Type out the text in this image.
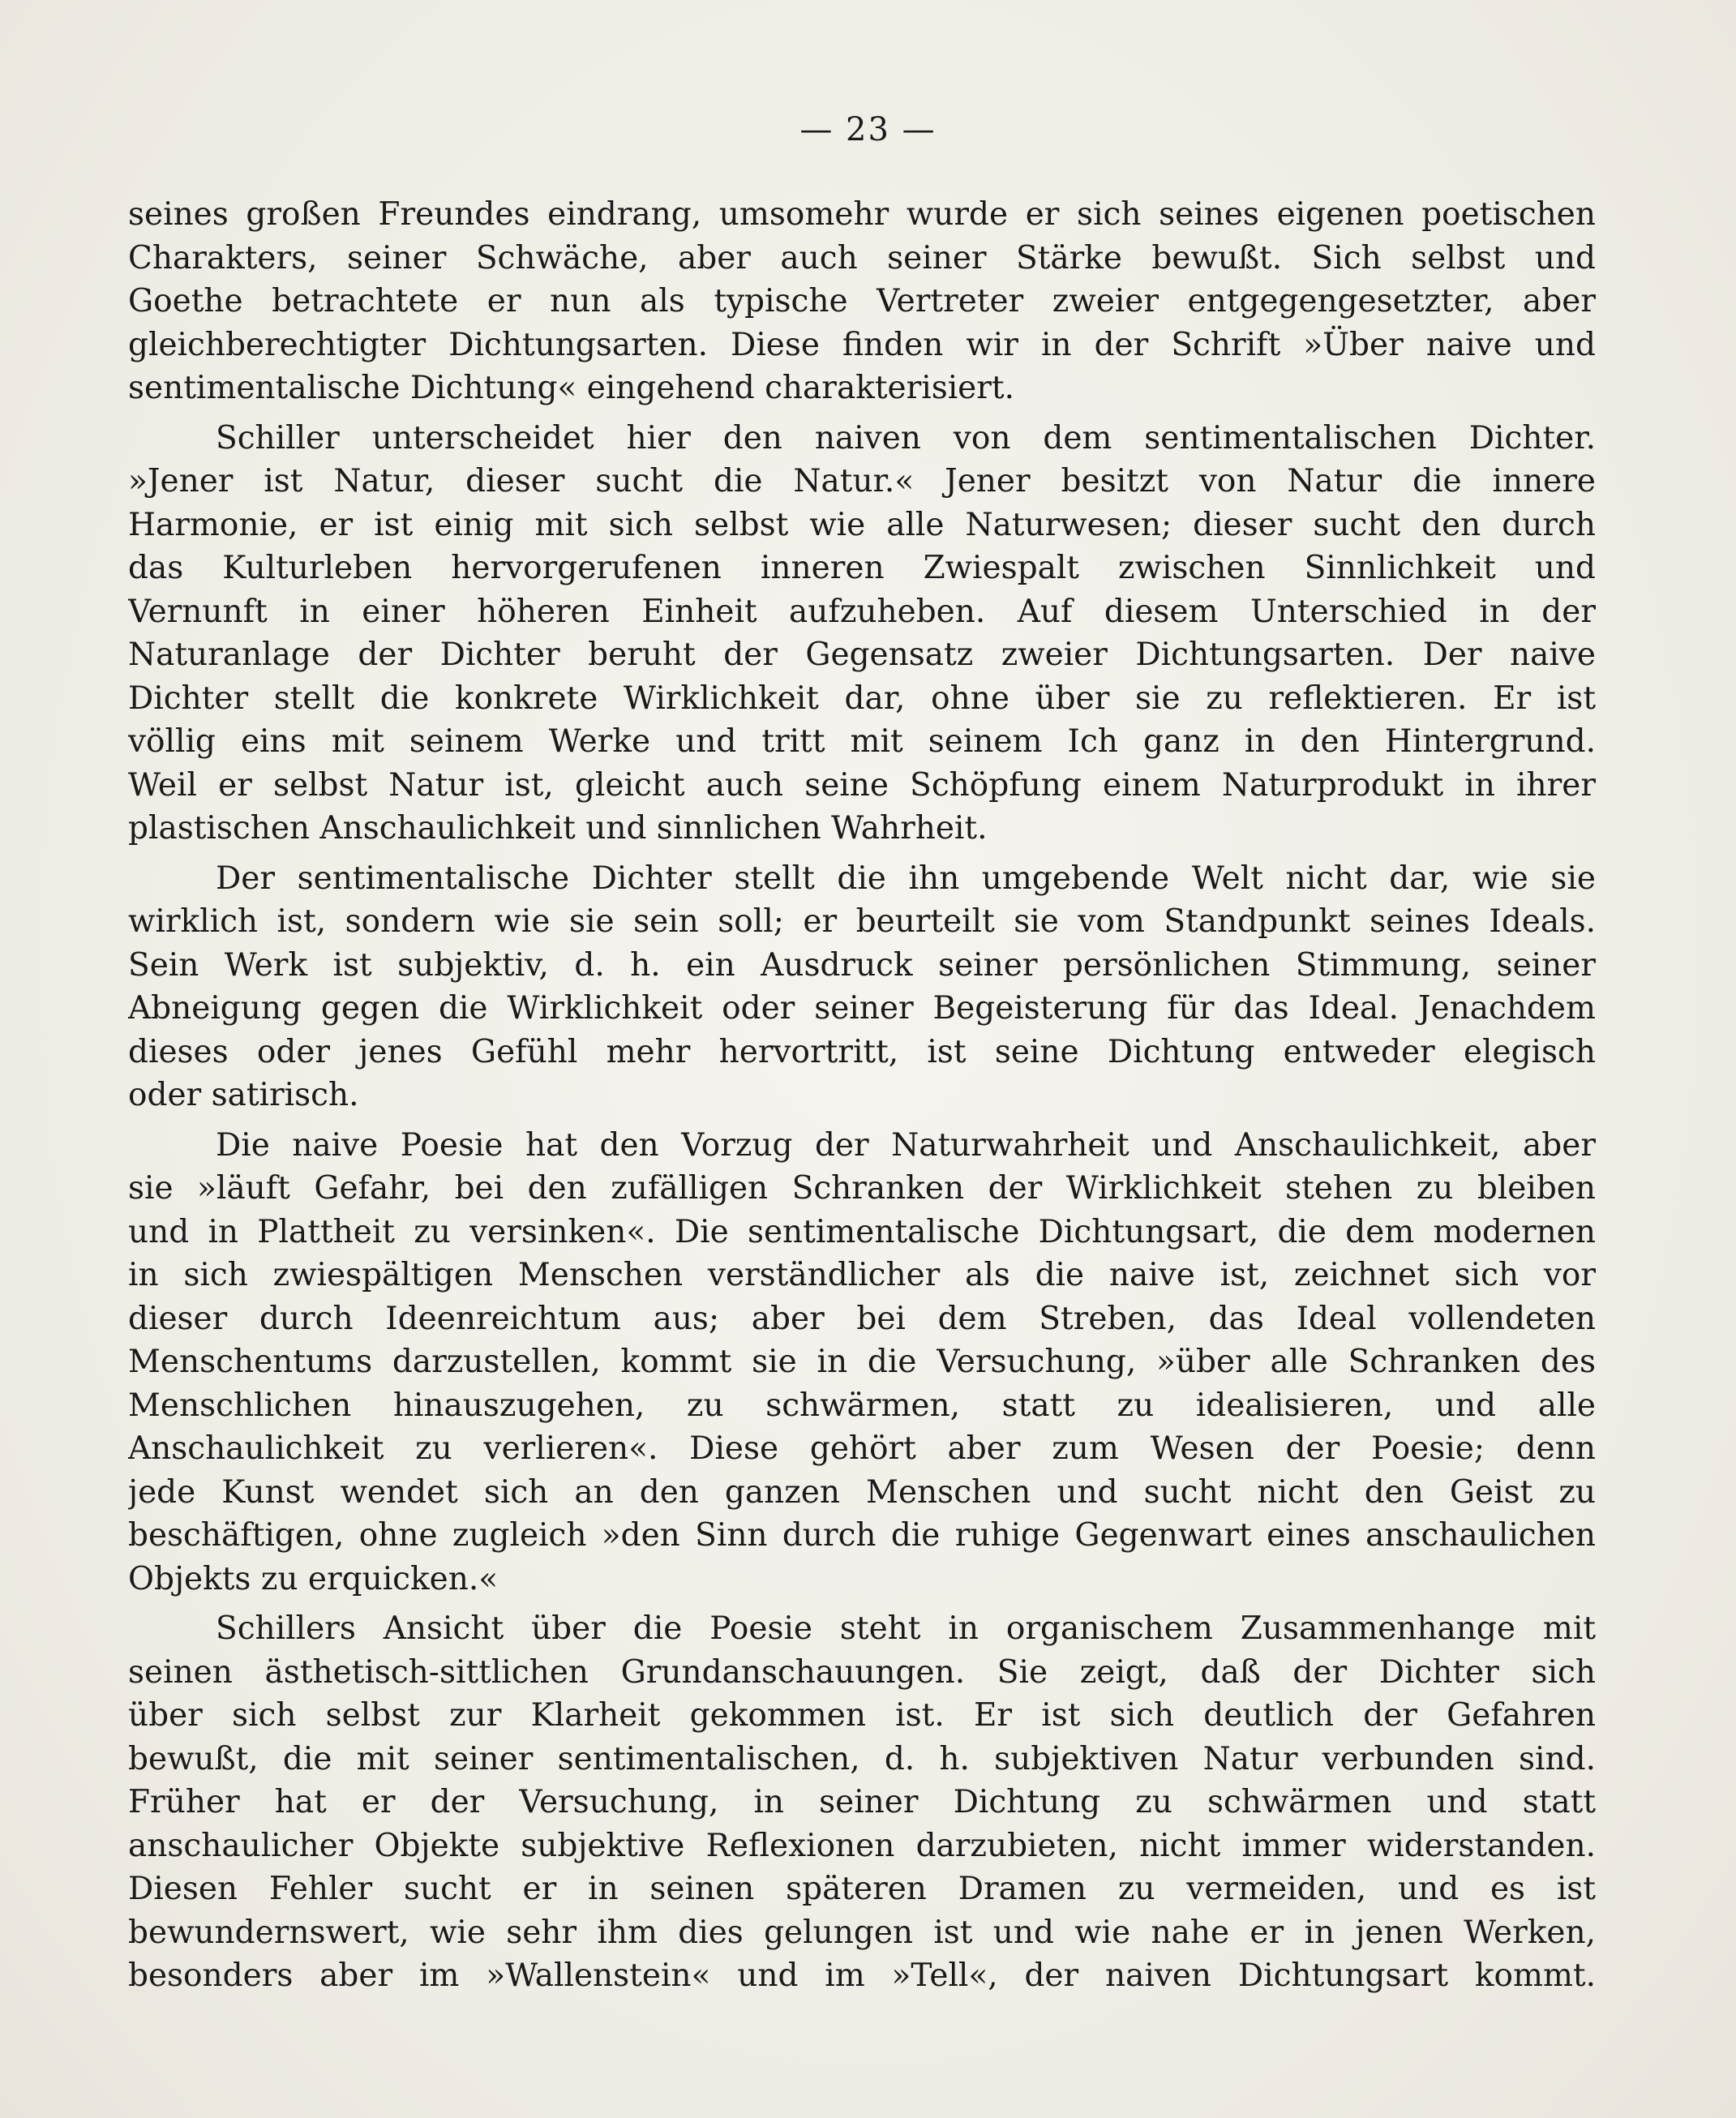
— 23 —
seines großen Freundes eindrang, umsomehr wurde er sich seines eigenen poetischen
Charakters, seiner Schwäche, aber auch seiner Stärke bewußt. Sich selbst und
Goethe betrachtete er nun als typische Vertreter zweier entgegengesetzter, aber
gleichberechtigter Dichtungsarten. Diese finden wir in der Schrift »Über naive und
sentimentalische Dichtung« eingehend charakterisiert.
Schiller unterscheidet hier den naiven von dem sentimentalischen Dichter.
»Jener ist Natur, dieser sucht die Natur.« Jener besitzt von Natur die innere
Harmonie, er ist einig mit sich selbst wie alle Naturwesen; dieser sucht den durch
das Kulturleben hervorgerufenen inneren Zwiespalt zwischen Sinnlichkeit und
Vernunft in einer höheren Einheit aufzuheben. Auf diesem Unterschied in der
Naturanlage der Dichter beruht der Gegensatz zweier Dichtungsarten. Der naive
Dichter stellt die konkrete Wirklichkeit dar, ohne über sie zu reflektieren. Er ist
völlig eins mit seinem Werke und tritt mit seinem Ich ganz in den Hintergrund.
Weil er selbst Natur ist, gleicht auch seine Schöpfung einem Naturprodukt in ihrer
plastischen Anschaulichkeit und sinnlichen Wahrheit.
Der sentimentalische Dichter stellt die ihn umgebende Welt nicht dar, wie sie
wirklich ist, sondern wie sie sein soll; er beurteilt sie vom Standpunkt seines Ideals.
Sein Werk ist subjektiv, d. h. ein Ausdruck seiner persönlichen Stimmung, seiner
Abneigung gegen die Wirklichkeit oder seiner Begeisterung für das Ideal. Jenachdem
dieses oder jenes Gefühl mehr hervortritt, ist seine Dichtung entweder elegisch
oder satirisch.
Die naive Poesie hat den Vorzug der Naturwahrheit und Anschaulichkeit, aber
sie »läuft Gefahr, bei den zufälligen Schranken der Wirklichkeit stehen zu bleiben
und in Plattheit zu versinken«. Die sentimentalische Dichtungsart, die dem modernen
in sich zwiespältigen Menschen verständlicher als die naive ist, zeichnet sich vor
dieser durch Ideenreichtum aus; aber bei dem Streben, das Ideal vollendeten
Menschentums darzustellen, kommt sie in die Versuchung, »über alle Schranken des
Menschlichen hinauszugehen, zu schwärmen, statt zu idealisieren, und alle
Anschaulichkeit zu verlieren«. Diese gehört aber zum Wesen der Poesie; denn
jede Kunst wendet sich an den ganzen Menschen und sucht nicht den Geist zu
beschäftigen, ohne zugleich »den Sinn durch die ruhige Gegenwart eines anschaulichen
Objekts zu erquicken.«
Schillers Ansicht über die Poesie steht in organischem Zusammenhange mit
seinen ästhetisch-sittlichen Grundanschauungen. Sie zeigt, daß der Dichter sich
über sich selbst zur Klarheit gekommen ist. Er ist sich deutlich der Gefahren
bewußt, die mit seiner sentimentalischen, d. h. subjektiven Natur verbunden sind.
Früher hat er der Versuchung, in seiner Dichtung zu schwärmen und statt
anschaulicher Objekte subjektive Reflexionen darzubieten, nicht immer widerstanden.
Diesen Fehler sucht er in seinen späteren Dramen zu vermeiden, und es ist
bewundernswert, wie sehr ihm dies gelungen ist und wie nahe er in jenen Werken,
besonders aber im »Wallenstein« und im »Tell«, der naiven Dichtungsart kommt.
